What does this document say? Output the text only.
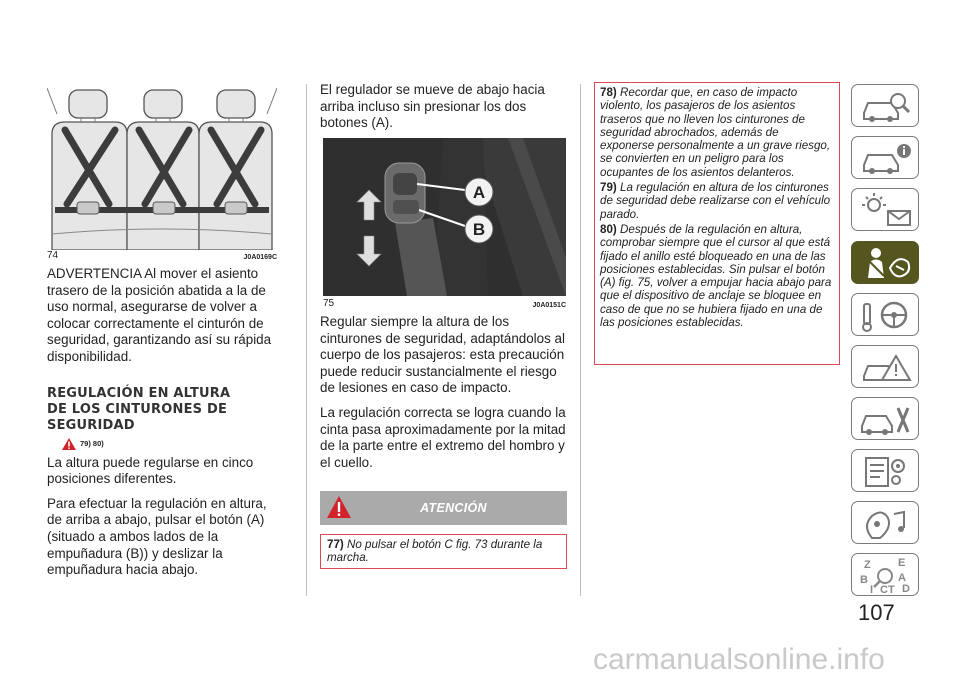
74	J0A0169C

ADVERTENCIA Al mover el asiento trasero de la posición abatida a la de uso normal, asegurarse de volver a colocar correctamente el cinturón de seguridad, garantizando así su rápida disponibilidad.

REGULACIÓN EN ALTURA

DE LOS CINTURONES DE

SEGURIDAD

79) 80)

La altura puede regularse en cinco posiciones diferentes.

Para efectuar la regulación en altura, de arriba a abajo, pulsar el botón (A) (situado a ambos lados de la empuñadura (B)) y deslizar la empuñadura hacia abajo.

El regulador se mueve de abajo hacia arriba incluso sin presionar los dos botones (A).

A
B
75	J0A0151C

Regular siempre la altura de los cinturones de seguridad, adaptándolos al cuerpo de los pasajeros: esta precaución puede reducir sustancialmente el riesgo de lesiones en caso de impacto.

La regulación correcta se logra cuando la cinta pasa aproximadamente por la mitad de la parte entre el extremo del hombro y el cuello.

ATENCIÓN
77) No pulsar el botón C fig. 73 durante la marcha.
78) Recordar que, en caso de impacto violento, los pasajeros de los asientos traseros que no lleven los cinturones de seguridad abrochados, además de exponerse personalmente a un grave riesgo, se convierten en un peligro para los ocupantes de los asientos delanteros.
79) La regulación en altura de los cinturones de seguridad debe realizarse con el vehículo parado.
80) Después de la regulación en altura, comprobar siempre que el cursor al que está fijado el anillo esté bloqueado en una de las posiciones establecidas. Sin pulsar el botón (A) fig. 75, volver a empujar hacia abajo para que el dispositivo de anclaje se bloquee en caso de que no se hubiera fijado en una de las posiciones establecidas.
Z E
B	A
I C T D
107
carmanualsonline.info
